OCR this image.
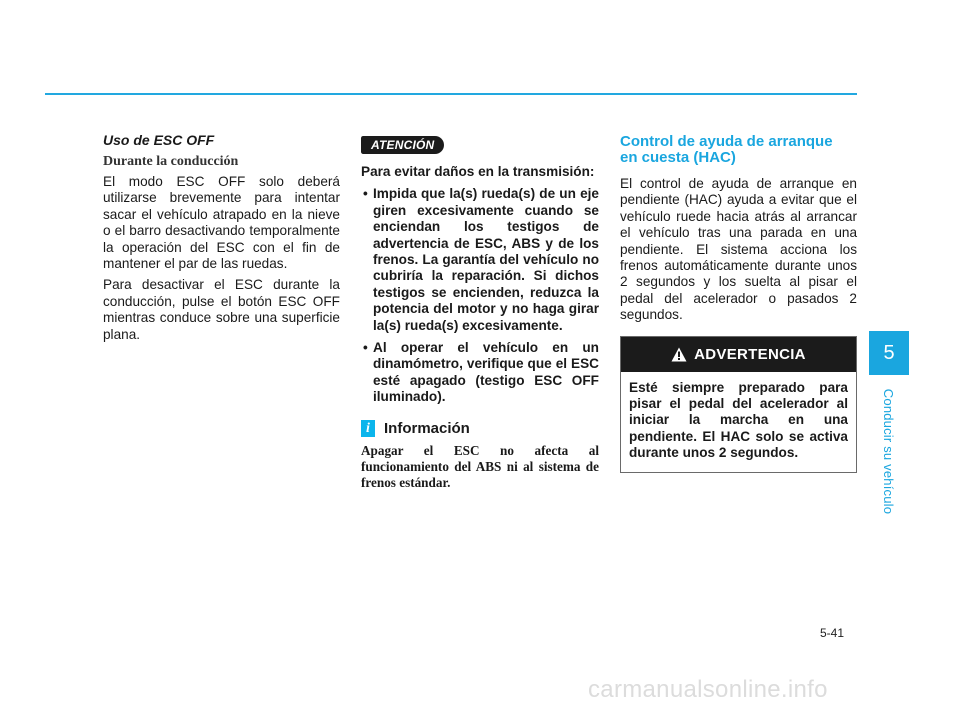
Uso de ESC OFF
Durante la conducción

El modo ESC OFF solo deberá utilizarse brevemente para intentar sacar el vehículo atrapado en la nieve o el barro desactivando temporalmente la operación del ESC con el fin de mantener el par de las ruedas.

Para desactivar el ESC durante la conducción, pulse el botón ESC OFF mientras conduce sobre una superficie plana.

ATENCIÓN
Para evitar daños en la transmisión:
• Impida que la(s) rueda(s) de un eje giren excesivamente cuando se enciendan los testigos de advertencia de ESC, ABS y de los frenos. La garantía del vehículo no cubriría la reparación. Si dichos testigos se encienden, reduzca la potencia del motor y no haga girar la(s) rueda(s) excesivamente.
• Al operar el vehículo en un dinamómetro, verifique que el ESC esté apagado (testigo ESC OFF iluminado).
i Información
Apagar el ESC no afecta al funcionamiento del ABS ni al sistema de frenos estándar.
Control de ayuda de arranque
en cuesta (HAC)

El control de ayuda de arranque en pendiente (HAC) ayuda a evitar que el vehículo ruede hacia atrás al arrancar el vehículo tras una parada en una pendiente. El sistema acciona los frenos automáticamente durante unos 2 segundos y los suelta al pisar el pedal del acelerador o pasados 2 segundos.

ADVERTENCIA
Esté siempre preparado para pisar el pedal del acelerador al iniciar la marcha en una pendiente. El HAC solo se activa durante unos 2 segundos.
5
Conducir su vehículo
5-41
carmanualsonline.info
